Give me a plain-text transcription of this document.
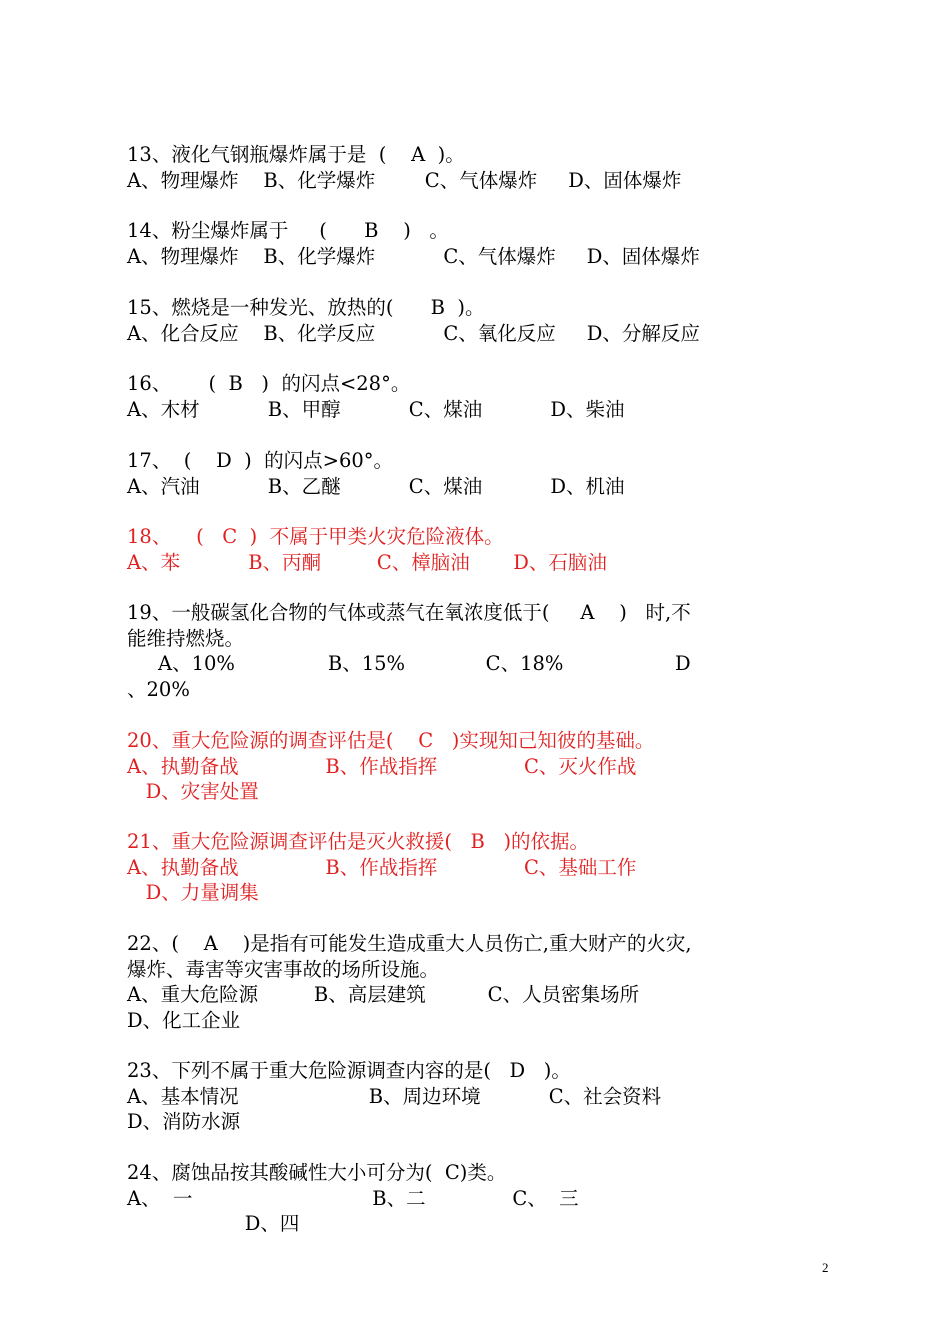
13、液化气钢瓶爆炸属于是  (    A  )。
A、物理爆炸    B、化学爆炸        C、气体爆炸     D、固体爆炸
14、粉尘爆炸属于     (      B    )   。
A、物理爆炸    B、化学爆炸           C、气体爆炸     D、固体爆炸
15、燃烧是一种发光、放热的(      B  )。
A、化合反应    B、化学反应           C、氧化反应     D、分解反应
16、      (  B   )  的闪点<28°。
A、木材           B、甲醇           C、煤油           D、柴油
17、  (    D  )  的闪点>60°。
A、汽油           B、乙醚           C、煤油           D、机油
18、    (   C  )  不属于甲类火灾危险液体。
A、苯           B、丙酮         C、樟脑油       D、石脑油
19、一般碳氢化合物的气体或蒸气在氧浓度低于(     A    )   时,不
能维持燃烧。
A、10%               B、15%             C、18%                  D
、20%
20、重大危险源的调查评估是(    C   )实现知己知彼的基础。
A、执勤备战              B、作战指挥              C、灭火作战
D、灾害处置
21、重大危险源调查评估是灭火救援(   B   )的依据。
A、执勤备战              B、作战指挥              C、基础工作
D、力量调集
22、(    A    )是指有可能发生造成重大人员伤亡,重大财产的火灾,
爆炸、毒害等灾害事故的场所设施。
A、重大危险源         B、高层建筑          C、人员密集场所
D、化工企业
23、下列不属于重大危险源调查内容的是(   D   )。
A、基本情况                     B、周边环境           C、社会资料
D、消防水源
24、腐蚀品按其酸碱性大小可分为(  C)类。
A、  一                             B、二              C、  三
D、四
2
